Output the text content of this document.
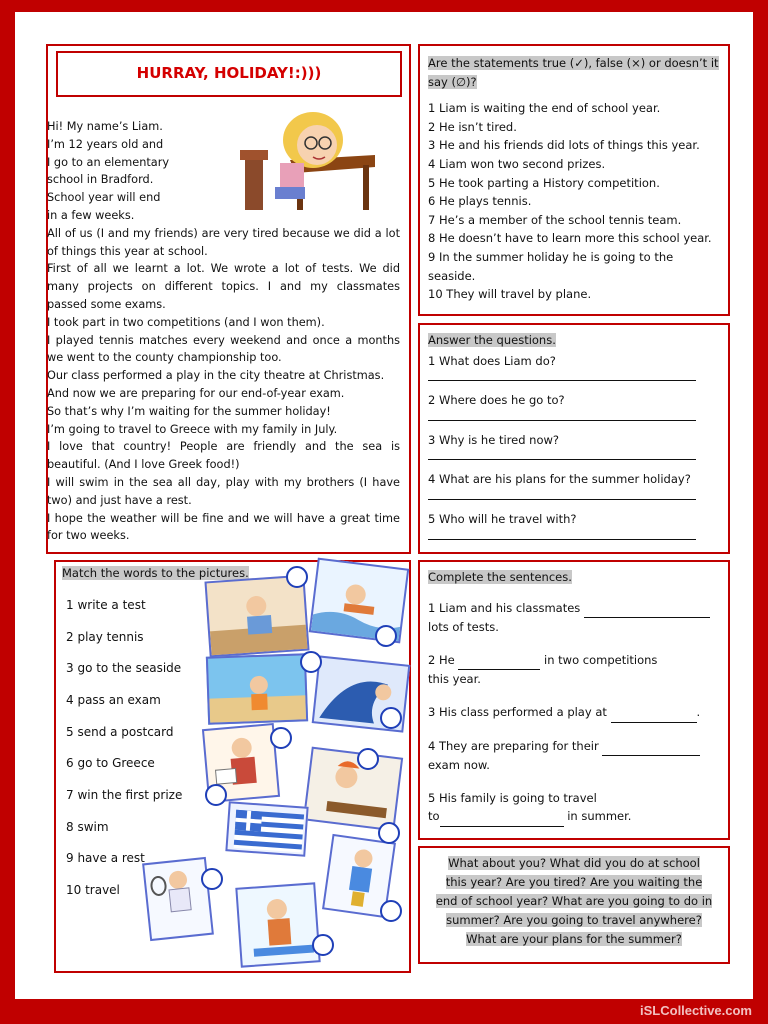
HURRAY, HOLIDAY!:)))

Hi! My name’s Liam.

I’m 12 years old and

I go to an elementary

school in Bradford.

School year will end

in a few weeks.

All of us (I and my friends) are very tired because we did a lot of things this year at school.

First of all we learnt a lot. We wrote a lot of tests. We did many projects on different topics. I and my classmates passed some exams.

I took part in two competitions (and I won them).

I played tennis matches every weekend and once a months we went to the county championship too.

Our class performed a play in the city theatre at Christmas.

And now we are preparing for our end-of-year exam.

So that’s why I’m waiting for the summer holiday!

I’m going to travel to Greece with my family in July.

I love that country! People are friendly and the sea is beautiful. (And I love Greek food!)

I will swim in the sea all day, play with my brothers (I have two) and just have a rest.

I hope the weather will be fine and we will have a great time for two weeks.

Are the statements true (✓), false (×) or doesn’t it say (∅)?
1 Liam is waiting the end of school year.
2 He isn’t tired.
3 He and his friends did lots of things this year.
4 Liam won two second prizes.
5 He took parting a History competition.
6 He plays tennis.
7 He’s a member of the school tennis team.
8 He doesn’t have to learn more this school year.
9 In the summer holiday he is going to the seaside.
10 They will travel by plane.
Answer the questions.
1 What does Liam do?
2 Where does he go to?
3 Why is he tired now?
4 What are his plans for the summer holiday?
5 Who will he travel with?
Match the words to the pictures.
1 write a test
2 play tennis
3 go to the seaside
4 pass an exam
5 send a postcard
6 go to Greece
7 win the first prize
8 swim
9 have a rest
10 travel
Complete the sentences.
1 Liam and his classmates
lots of tests.
2 He	in two competitions
this year.
3 His class performed a play at	.
4 They are preparing for their
exam now.
5 His family is going to travel
to	in summer.
What about you? What did you do at school
this year? Are you tired? Are you waiting the
end of school year? What are you going to do in
summer? Are you going to travel anywhere?
What are your plans for the summer?
iSLCollective.com
